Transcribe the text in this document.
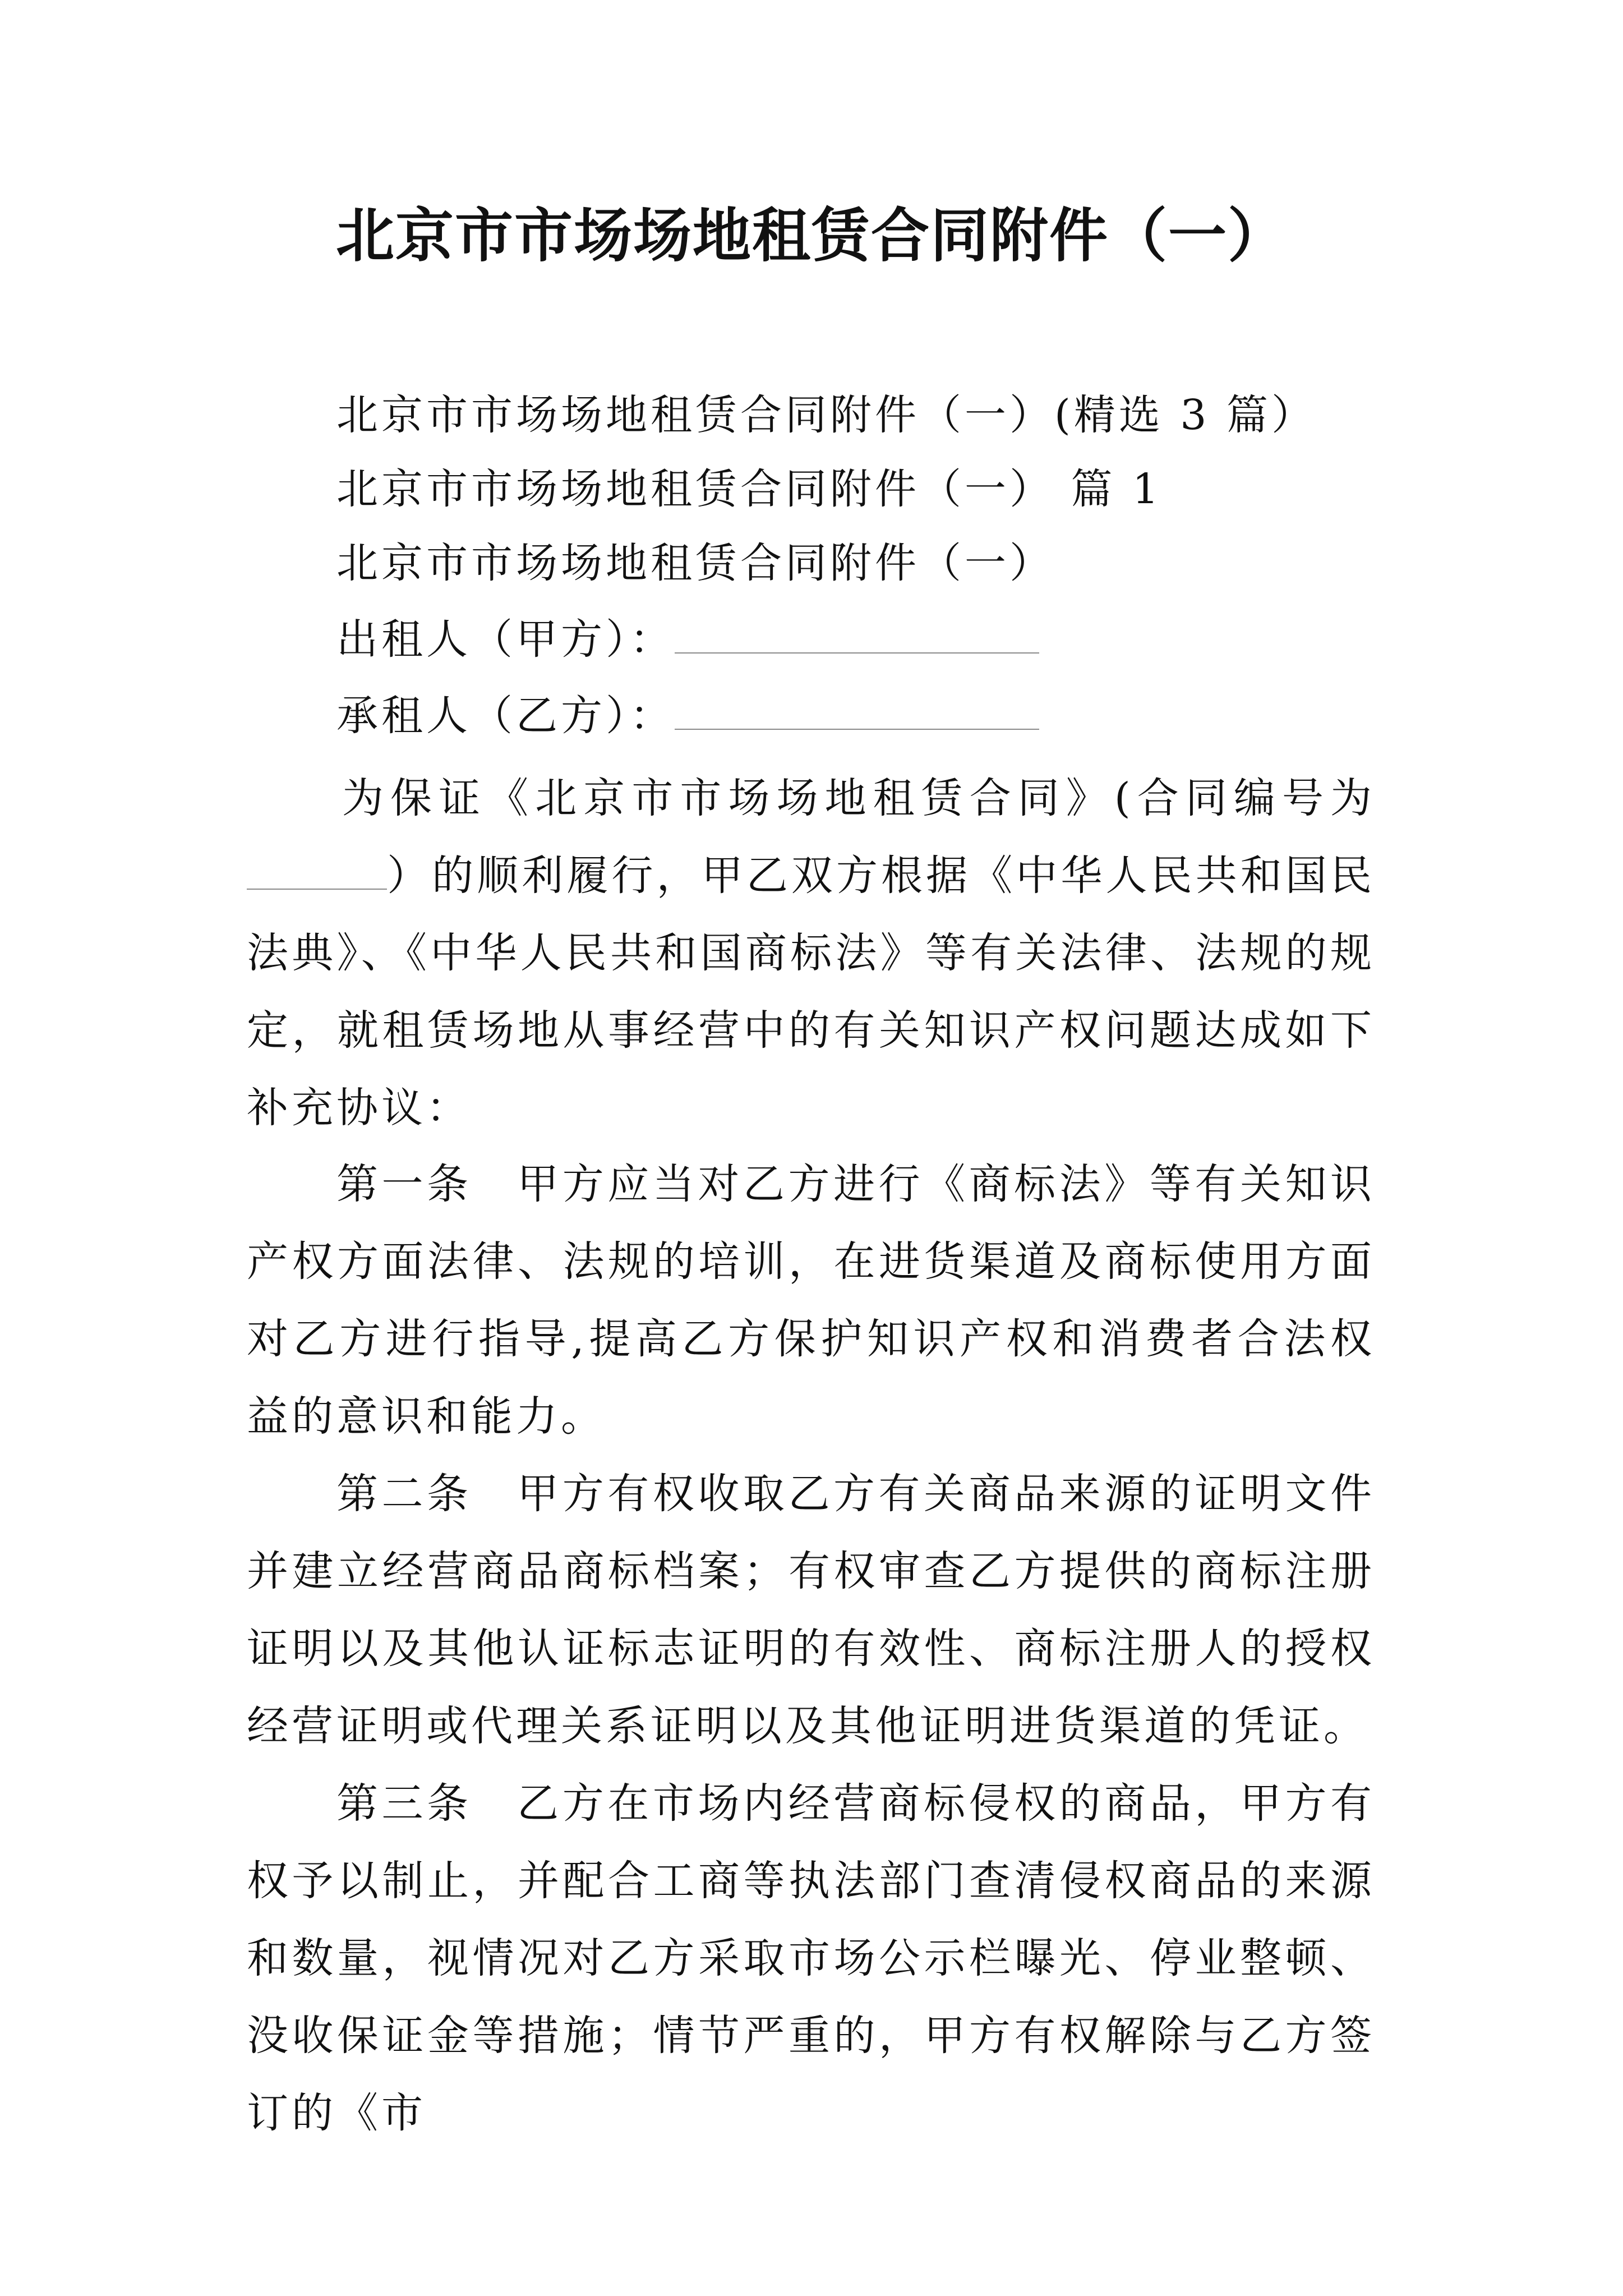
北京市市场场地租赁合同附件（一）
北京市市场场地租赁合同附件（一）(精选 3 篇）
北京市市场场地租赁合同附件（一） 篇 1
北京市市场场地租赁合同附件（一）
出租人（甲方）：
承租人（乙方）：

为保证《北京市市场场地租赁合同》(合同编号为）的顺利履行，甲乙双方根据《中华人民共和国民法典》、《中华人民共和国商标法》等有关法律、法规的规定，就租赁场地从事经营中的有关知识产权问题达成如下补充协议：

第一条　甲方应当对乙方进行《商标法》等有关知识产权方面法律、法规的培训，在进货渠道及商标使用方面对乙方进行指导,提高乙方保护知识产权和消费者合法权益的意识和能力。

第二条　甲方有权收取乙方有关商品来源的证明文件并建立经营商品商标档案；有权审查乙方提供的商标注册证明以及其他认证标志证明的有效性、商标注册人的授权经营证明或代理关系证明以及其他证明进货渠道的凭证。

第三条　乙方在市场内经营商标侵权的商品，甲方有权予以制止，并配合工商等执法部门查清侵权商品的来源和数量，视情况对乙方采取市场公示栏曝光、停业整顿、没收保证金等措施；情节严重的，甲方有权解除与乙方签订的《市
